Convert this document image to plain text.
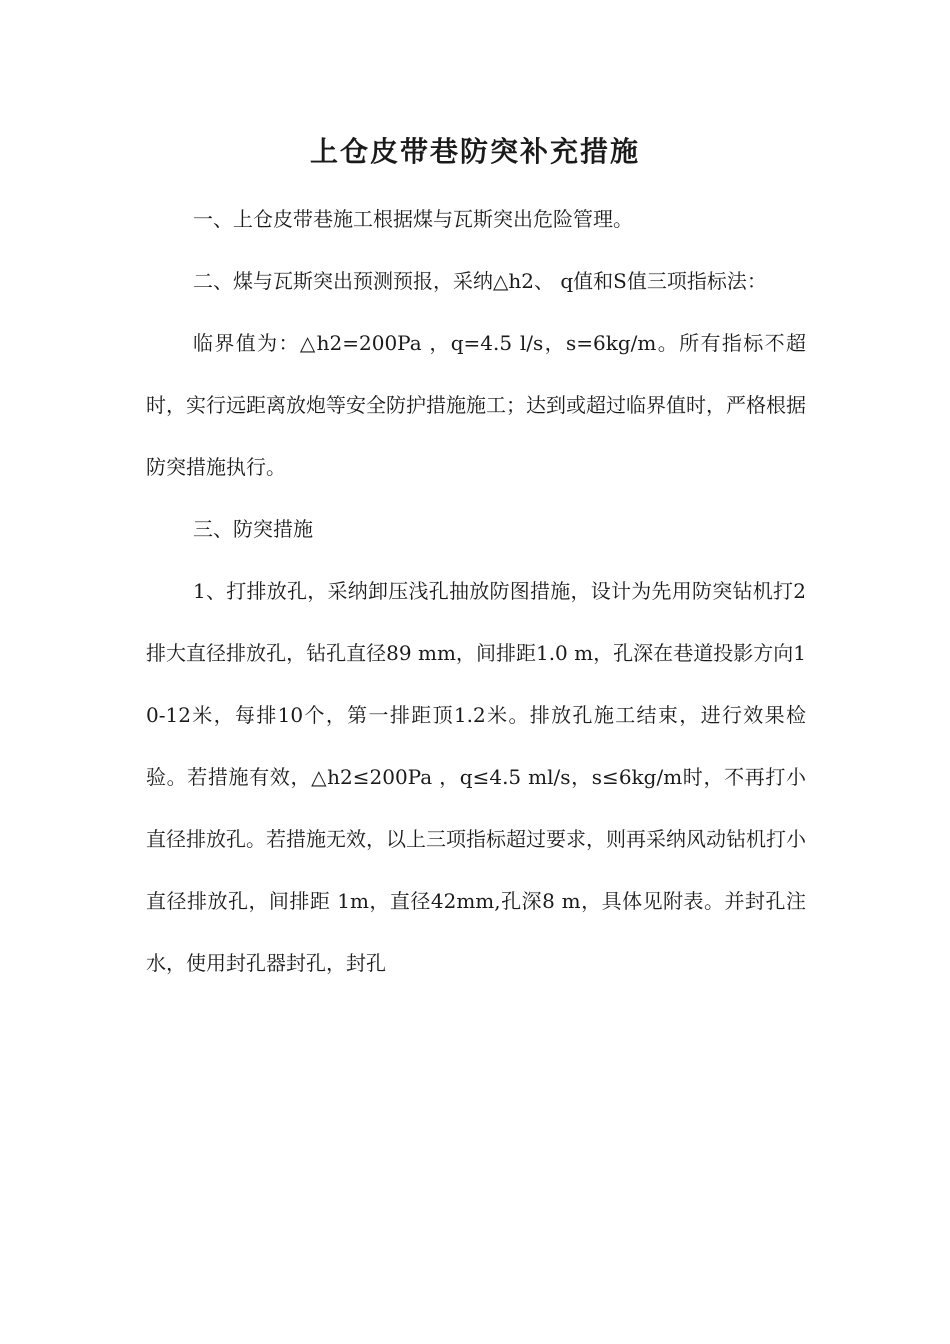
上仓皮带巷防突补充措施

一、上仓皮带巷施工根据煤与瓦斯突出危险管理。

二、煤与瓦斯突出预测预报，采纳△h2、 q值和S值三项指标法：

临界值为：△h2=200Pa ，q=4.5 l/s，s=6kg/m。所有指标不超时，实行远距离放炮等安全防护措施施工；达到或超过临界值时，严格根据防突措施执行。

三、防突措施

1、打排放孔，采纳卸压浅孔抽放防图措施，设计为先用防突钻机打2排大直径排放孔，钻孔直径89 mm，间排距1.0 m，孔深在巷道投影方向10-12米，每排10个，第一排距顶1.2米。排放孔施工结束，进行效果检验。若措施有效，△h2≤200Pa ，q≤4.5 ml/s，s≤6kg/m时，不再打小直径排放孔。若措施无效，以上三项指标超过要求，则再采纳风动钻机打小直径排放孔，间排距 1m，直径42mm,孔深8 m，具体见附表。并封孔注水，使用封孔器封孔，封孔
